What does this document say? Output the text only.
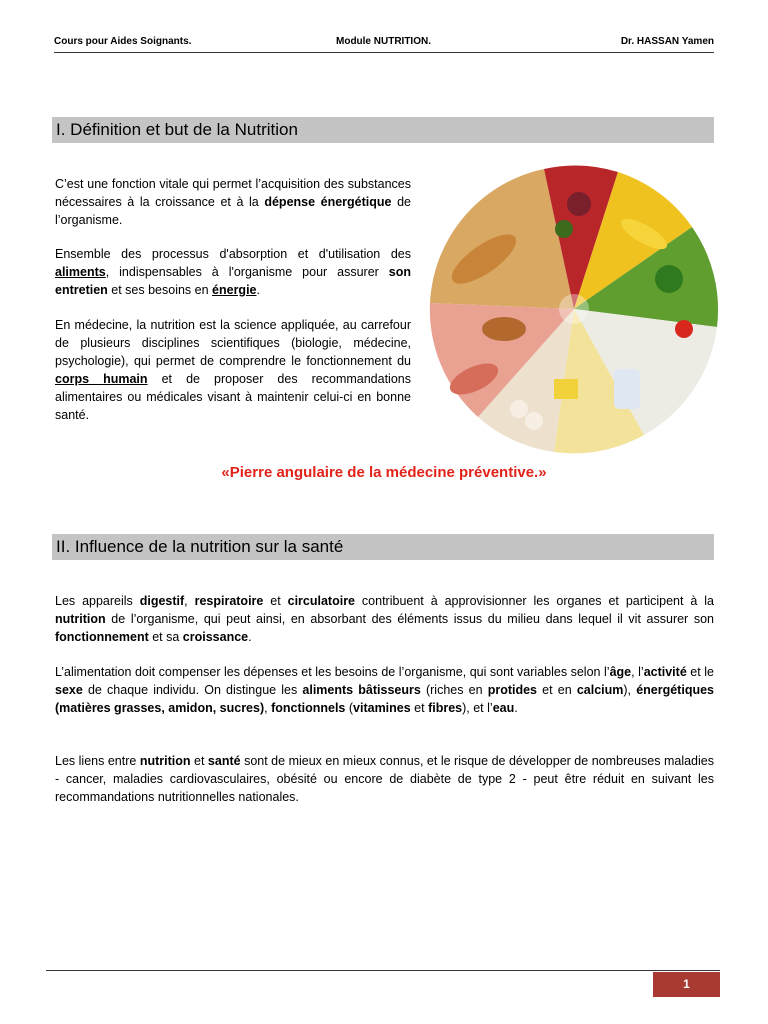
Cours pour Aides Soignants.	Module NUTRITION.	Dr. HASSAN Yamen
I. Définition et but de la Nutrition

C’est une fonction vitale qui permet l’acquisition des substances nécessaires à la croissance et à la dépense énergétique de l’organisme.

Ensemble des processus d'absorption et d'utilisation des aliments, indispensables à l'organisme pour assurer son entretien et ses besoins en énergie.

En médecine, la nutrition est la science appliquée, au carrefour de plusieurs disciplines scientifiques (biologie, médecine, psychologie), qui permet de comprendre le fonctionnement du corps humain et de proposer des recommandations alimentaires ou médicales visant à maintenir celui-ci en bonne santé.

«Pierre angulaire de la médecine préventive.»
II. Influence de la nutrition sur la santé

Les appareils digestif, respiratoire et circulatoire contribuent à approvisionner les organes et participent à la nutrition de l’organisme, qui peut ainsi, en absorbant des éléments issus du milieu dans lequel il vit assurer son fonctionnement et sa croissance.

L’alimentation doit compenser les dépenses et les besoins de l’organisme, qui sont variables selon l’âge, l’activité et le sexe de chaque individu. On distingue les aliments bâtisseurs (riches en protides et en calcium), énergétiques (matières grasses, amidon, sucres), fonctionnels (vitamines et fibres), et l’eau.

Les liens entre nutrition et santé sont de mieux en mieux connus, et le risque de développer de nombreuses maladies - cancer, maladies cardiovasculaires, obésité ou encore de diabète de type 2 - peut être réduit en suivant les recommandations nutritionnelles nationales.

1
